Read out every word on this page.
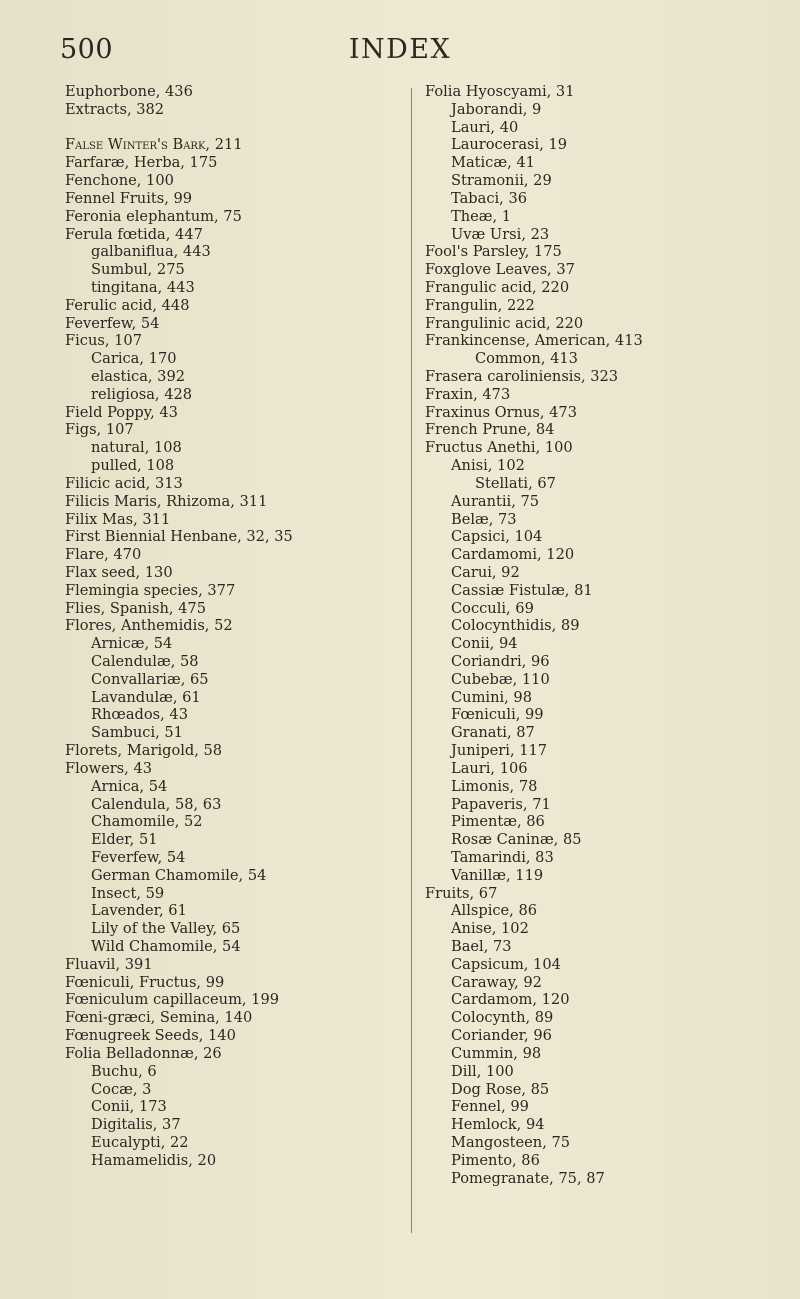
500	INDEX
Euphorbone, 436
Extracts, 382
False Winter's Bark, 211
Farfaræ, Herba, 175
Fenchone, 100
Fennel Fruits, 99
Feronia elephantum, 75
Ferula fœtida, 447
galbaniflua, 443
Sumbul, 275
tingitana, 443
Ferulic acid, 448
Feverfew, 54
Ficus, 107
Carica, 170
elastica, 392
religiosa, 428
Field Poppy, 43
Figs, 107
natural, 108
pulled, 108
Filicic acid, 313
Filicis Maris, Rhizoma, 311
Filix Mas, 311
First Biennial Henbane, 32, 35
Flare, 470
Flax seed, 130
Flemingia species, 377
Flies, Spanish, 475
Flores, Anthemidis, 52
Arnicæ, 54
Calendulæ, 58
Convallariæ, 65
Lavandulæ, 61
Rhœados, 43
Sambuci, 51
Florets, Marigold, 58
Flowers, 43
Arnica, 54
Calendula, 58, 63
Chamomile, 52
Elder, 51
Feverfew, 54
German Chamomile, 54
Insect, 59
Lavender, 61
Lily of the Valley, 65
Wild Chamomile, 54
Fluavil, 391
Fœniculi, Fructus, 99
Fœniculum capillaceum, 199
Fœni-græci, Semina, 140
Fœnugreek Seeds, 140
Folia Belladonnæ, 26
Buchu, 6
Cocæ, 3
Conii, 173
Digitalis, 37
Eucalypti, 22
Hamamelidis, 20
Folia Hyoscyami, 31
Jaborandi, 9
Lauri, 40
Laurocerasi, 19
Maticæ, 41
Stramonii, 29
Tabaci, 36
Theæ, 1
Uvæ Ursi, 23
Fool's Parsley, 175
Foxglove Leaves, 37
Frangulic acid, 220
Frangulin, 222
Frangulinic acid, 220
Frankincense, American, 413
Common, 413
Frasera caroliniensis, 323
Fraxin, 473
Fraxinus Ornus, 473
French Prune, 84
Fructus Anethi, 100
Anisi, 102
Stellati, 67
Aurantii, 75
Belæ, 73
Capsici, 104
Cardamomi, 120
Carui, 92
Cassiæ Fistulæ, 81
Cocculi, 69
Colocynthidis, 89
Conii, 94
Coriandri, 96
Cubebæ, 110
Cumini, 98
Fœniculi, 99
Granati, 87
Juniperi, 117
Lauri, 106
Limonis, 78
Papaveris, 71
Pimentæ, 86
Rosæ Caninæ, 85
Tamarindi, 83
Vanillæ, 119
Fruits, 67
Allspice, 86
Anise, 102
Bael, 73
Capsicum, 104
Caraway, 92
Cardamom, 120
Colocynth, 89
Coriander, 96
Cummin, 98
Dill, 100
Dog Rose, 85
Fennel, 99
Hemlock, 94
Mangosteen, 75
Pimento, 86
Pomegranate, 75, 87
